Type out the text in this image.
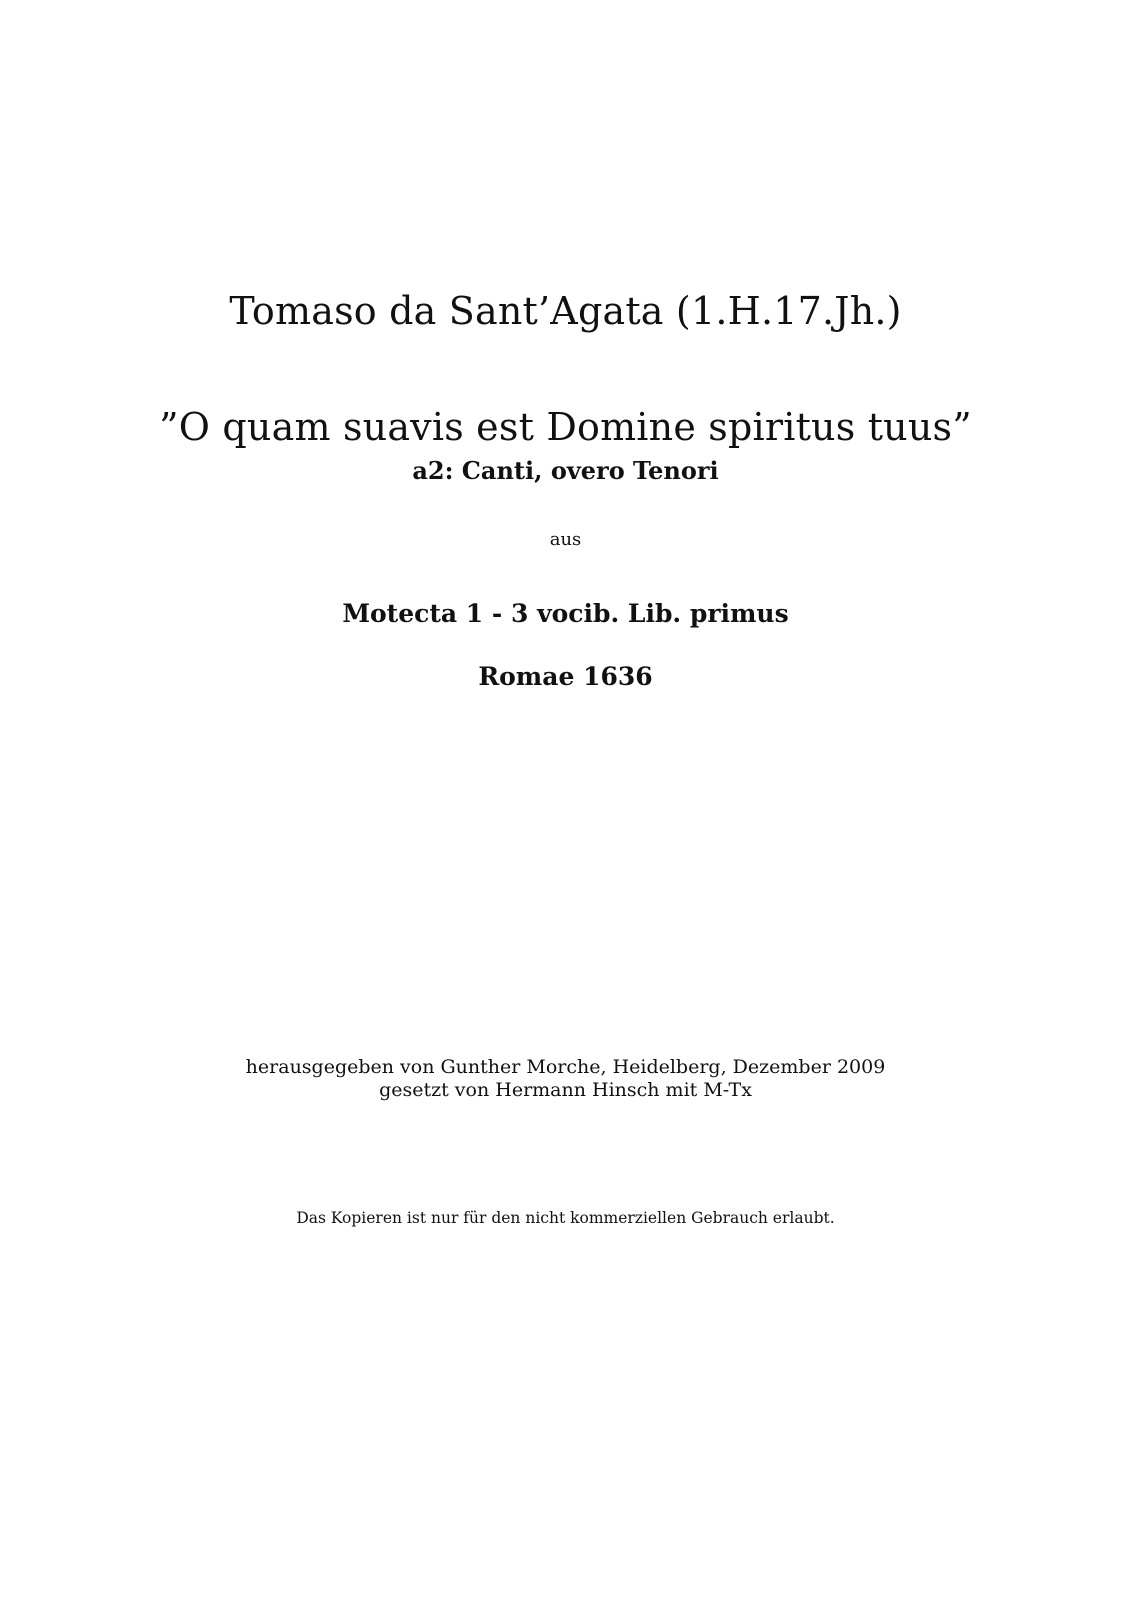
Tomaso da Sant’Agata (1.H.17.Jh.)
”O quam suavis est Domine spiritus tuus”
a2: Canti, overo Tenori
aus
Motecta 1 - 3 vocib. Lib. primus
Romae 1636
herausgegeben von Gunther Morche, Heidelberg, Dezember 2009
gesetzt von Hermann Hinsch mit M-Tx
Das Kopieren ist nur für den nicht kommerziellen Gebrauch erlaubt.
